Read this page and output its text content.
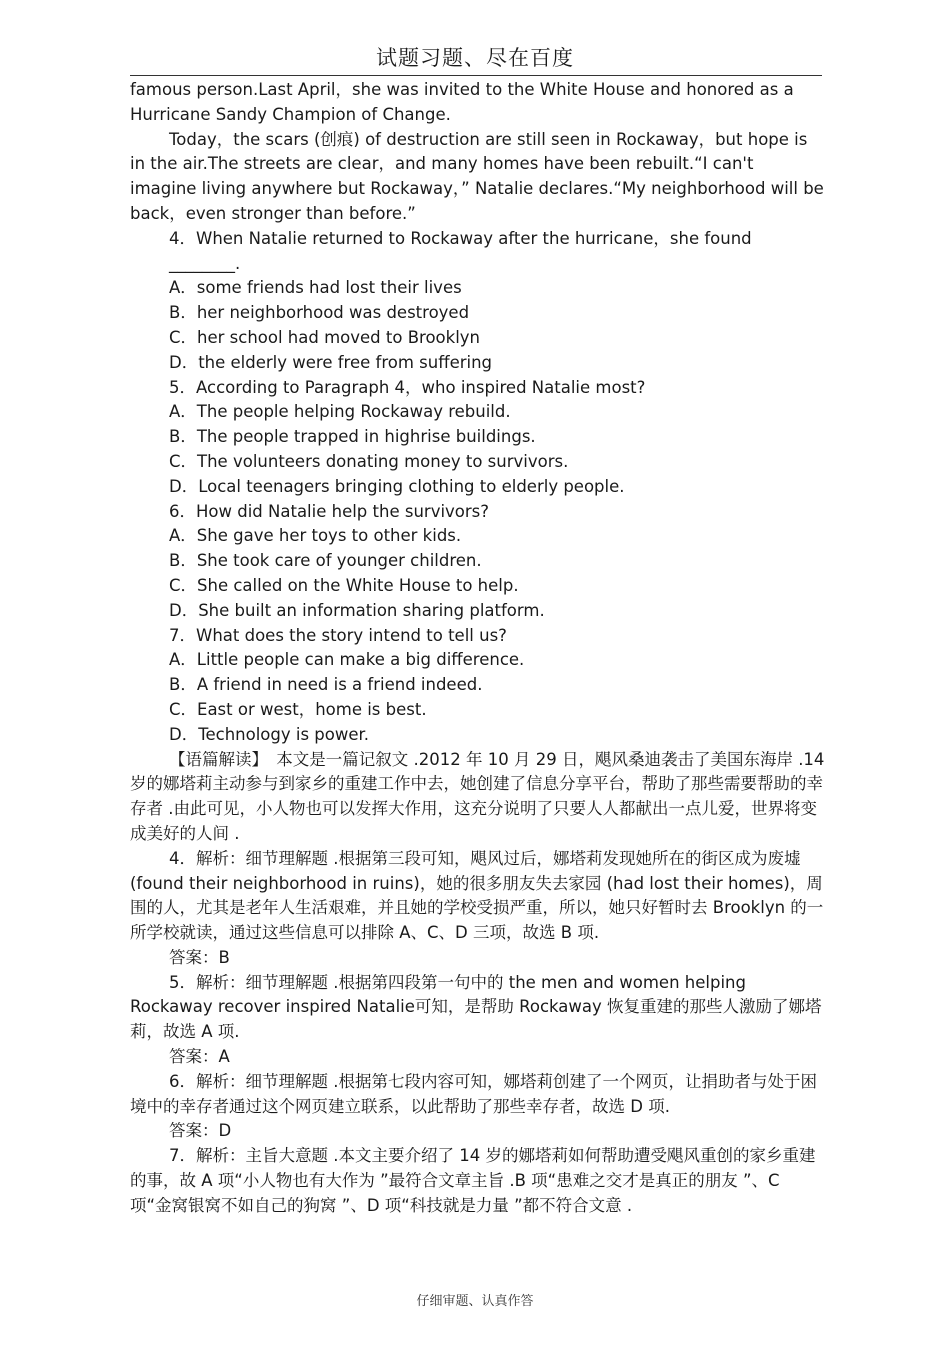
试题习题、尽在百度

famous person.Last April，she was invited to the White House and honored as a

Hurricane Sandy Champion of Change.

Today，the scars (创痕) of destruction are still seen in Rockaway，but hope is in the air.The streets are clear，and many homes have been rebuilt.“I can't imagine living anywhere but Rockaway，” Natalie declares.“My neighborhood will be back，even stronger than before.”

4．When Natalie returned to Rockaway after the hurricane，she found ________.

A．some friends had lost their lives

B．her neighborhood was destroyed

C．her school had moved to Brooklyn

D．the elderly were free from suffering

5．According to Paragraph 4，who inspired Natalie most?

A．The people helping Rockaway rebuild.

B．The people trapped in highrise buildings.

C．The volunteers donating money to survivors.

D．Local teenagers bringing clothing to elderly people.

6．How did Natalie help the survivors?

A．She gave her toys to other kids.

B．She took care of younger children.

C．She called on the White House to help.

D．She built an information sharing platform.

7．What does the story intend to tell us?

A．Little people can make a big difference.

B．A friend in need is a friend indeed.

C．East or west，home is best.

D．Technology is power.

【语篇解读】　本文是一篇记叙文 .2012 年 10 月 29 日，飓风桑迪袭击了美国东海岸 .14 岁的娜塔莉主动参与到家乡的重建工作中去，她创建了信息分享平台，帮助了那些需要帮助的幸存者 .由此可见，小人物也可以发挥大作用，这充分说明了只要人人都献出一点儿爱，世界将变成美好的人间 .

4．解析：细节理解题 .根据第三段可知，飓风过后，娜塔莉发现她所在的街区成为废墟 (found their neighborhood in ruins)，她的很多朋友失去家园 (had lost their homes)，周围的人，尤其是老年人生活艰难，并且她的学校受损严重，所以，她只好暂时去 Brooklyn 的一所学校就读，通过这些信息可以排除 A、C、D 三项，故选 B 项.

答案：B

5．解析：细节理解题 .根据第四段第一句中的 the men and women helping Rockaway recover inspired Natalie可知，是帮助 Rockaway 恢复重建的那些人激励了娜塔莉，故选 A 项.

答案：A

6．解析：细节理解题 .根据第七段内容可知，娜塔莉创建了一个网页，让捐助者与处于困境中的幸存者通过这个网页建立联系，以此帮助了那些幸存者，故选 D 项.

答案：D

7．解析：主旨大意题 .本文主要介绍了 14 岁的娜塔莉如何帮助遭受飓风重创的家乡重建的事，故 A 项“小人物也有大作为 ”最符合文章主旨 .B 项“患难之交才是真正的朋友 ”、C 项“金窝银窝不如自己的狗窝 ”、D 项“科技就是力量 ”都不符合文意 .

仔细审题、认真作答
